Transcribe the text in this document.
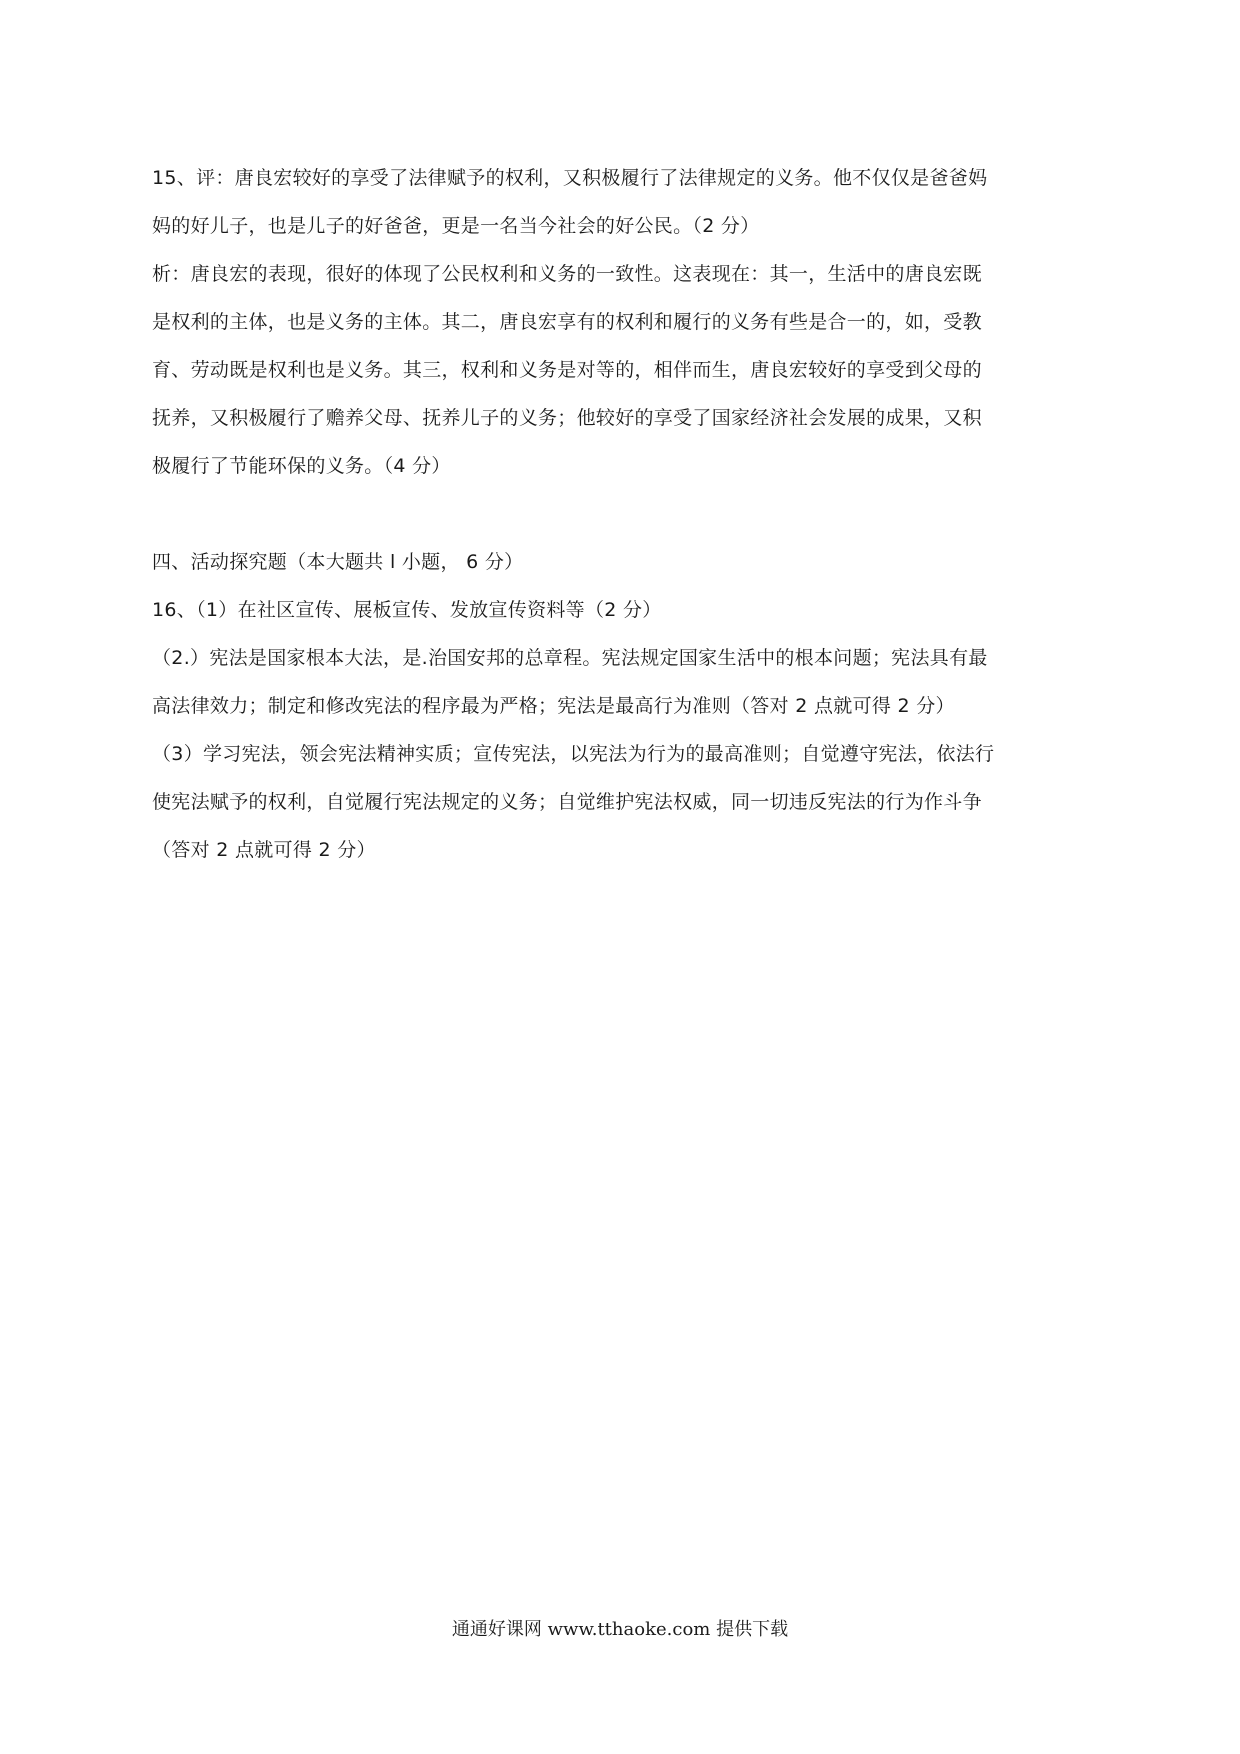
15、评：唐良宏较好的享受了法律赋予的权利，又积极履行了法律规定的义务。他不仅仅是爸爸妈
妈的好儿子，也是儿子的好爸爸，更是一名当今社会的好公民。（2 分）
析：唐良宏的表现，很好的体现了公民权利和义务的一致性。这表现在：其一，生活中的唐良宏既
是权利的主体，也是义务的主体。其二，唐良宏享有的权利和履行的义务有些是合一的，如，受教
育、劳动既是权利也是义务。其三，权利和义务是对等的，相伴而生，唐良宏较好的享受到父母的
抚养，又积极履行了赡养父母、抚养儿子的义务；他较好的享受了国家经济社会发展的成果，又积
极履行了节能环保的义务。（4 分）
四、活动探究题（本大题共 l 小题， 6 分）
16、（1）在社区宣传、展板宣传、发放宣传资料等（2 分）
（2.）宪法是国家根本大法，是.治国安邦的总章程。宪法规定国家生活中的根本问题；宪法具有最
高法律效力；制定和修改宪法的程序最为严格；宪法是最高行为准则（答对 2 点就可得 2 分）
（3）学习宪法，领会宪法精神实质；宣传宪法，以宪法为行为的最高准则；自觉遵守宪法，依法行
使宪法赋予的权利，自觉履行宪法规定的义务；自觉维护宪法权威，同一切违反宪法的行为作斗争
（答对 2 点就可得 2 分）
通通好课网 www.tthaoke.com 提供下载
